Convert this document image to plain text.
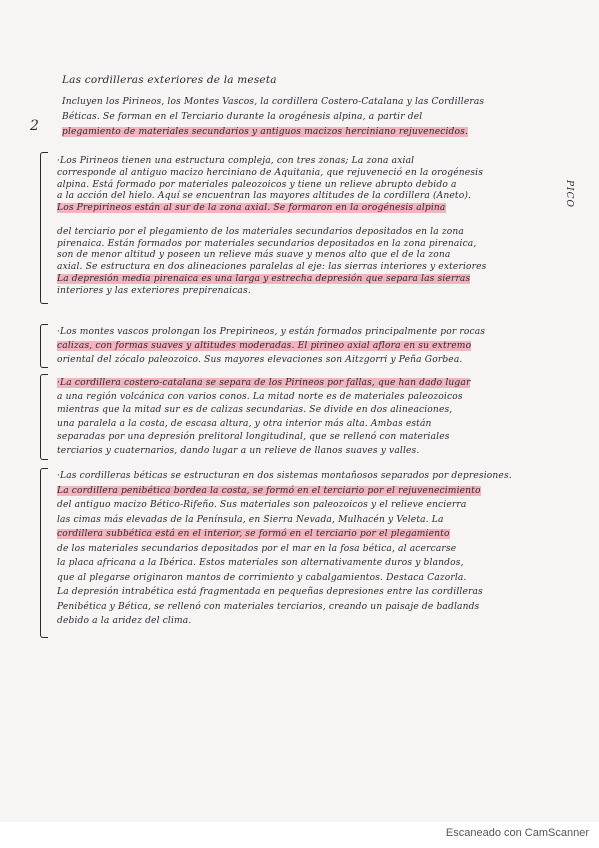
Las cordilleras exteriores de la meseta
Incluyen los Pirineos, los Montes Vascos, la cordillera Costero-Catalana y las Cordilleras
Béticas. Se forman en el Terciario durante la orogénesis alpina, a partir del
plegamiento de materiales secundarios y antiguos macizos herciniano rejuvenecidos.
·Los Pirineos tienen una estructura compleja, con tres zonas; La zona axial
corresponde al antiguo macizo herciniano de Aquitania, que rejuveneció en la orogénesis
alpina. Está formado por materiales paleozoicos y tiene un relieve abrupto debido a
a la acción del hielo. Aquí se encuentran las mayores altitudes de la cordillera (Aneto).
Los Prepirineos están al sur de la zona axial. Se formaron en la orogénesis alpina
del terciario por el plegamiento de los materiales secundarios depositados en la zona
pirenaica. Están formados por materiales secundarios depositados en la zona pirenaica,
son de menor altitud y poseen un relieve más suave y menos alto que el de la zona
axial. Se estructura en dos alineaciones paralelas al eje: las sierras interiores y exteriores
La depresión media pirenaica es una larga y estrecha depresión que separa las sierras
interiores y las exteriores prepirenaicas.
·Los montes vascos prolongan los Prepirineos, y están formados principalmente por rocas
calizas, con formas suaves y altitudes moderadas. El pirineo axial aflora en su extremo
oriental del zócalo paleozoico. Sus mayores elevaciones son Aitzgorri y Peña Gorbea.
·La cordillera costero-catalana se separa de los Pirineos por fallas, que han dado lugar
a una región volcánica con varios conos. La mitad norte es de materiales paleozoicos
mientras que la mitad sur es de calizas secundarias. Se divide en dos alineaciones,
una paralela a la costa, de escasa altura, y otra interior más alta. Ambas están
separadas por una depresión prelitoral longitudinal, que se rellenó con materiales
terciarios y cuaternarios, dando lugar a un relieve de llanos suaves y valles.
·Las cordilleras béticas se estructuran en dos sistemas montañosos separados por depresiones.
La cordillera penibética bordea la costa, se formó en el terciario por el rejuvenecimiento
del antiguo macizo Bético-Rifeño. Sus materiales son paleozoicos y el relieve encierra
las cimas más elevadas de la Península, en Sierra Nevada, Mulhacén y Veleta. La
cordillera subbética está en el interior, se formó en el terciario por el plegamiento
de los materiales secundarios depositados por el mar en la fosa bética, al acercarse
la placa africana a la Ibérica. Estos materiales son alternativamente duros y blandos,
que al plegarse originaron mantos de corrimiento y cabalgamientos. Destaca Cazorla.
La depresión intrabética está fragmentada en pequeñas depresiones entre las cordilleras
Penibética y Bética, se rellenó con materiales terciarios, creando un paisaje de badlands
debido a la aridez del clima.
2
PICO
Escaneado con CamScanner
